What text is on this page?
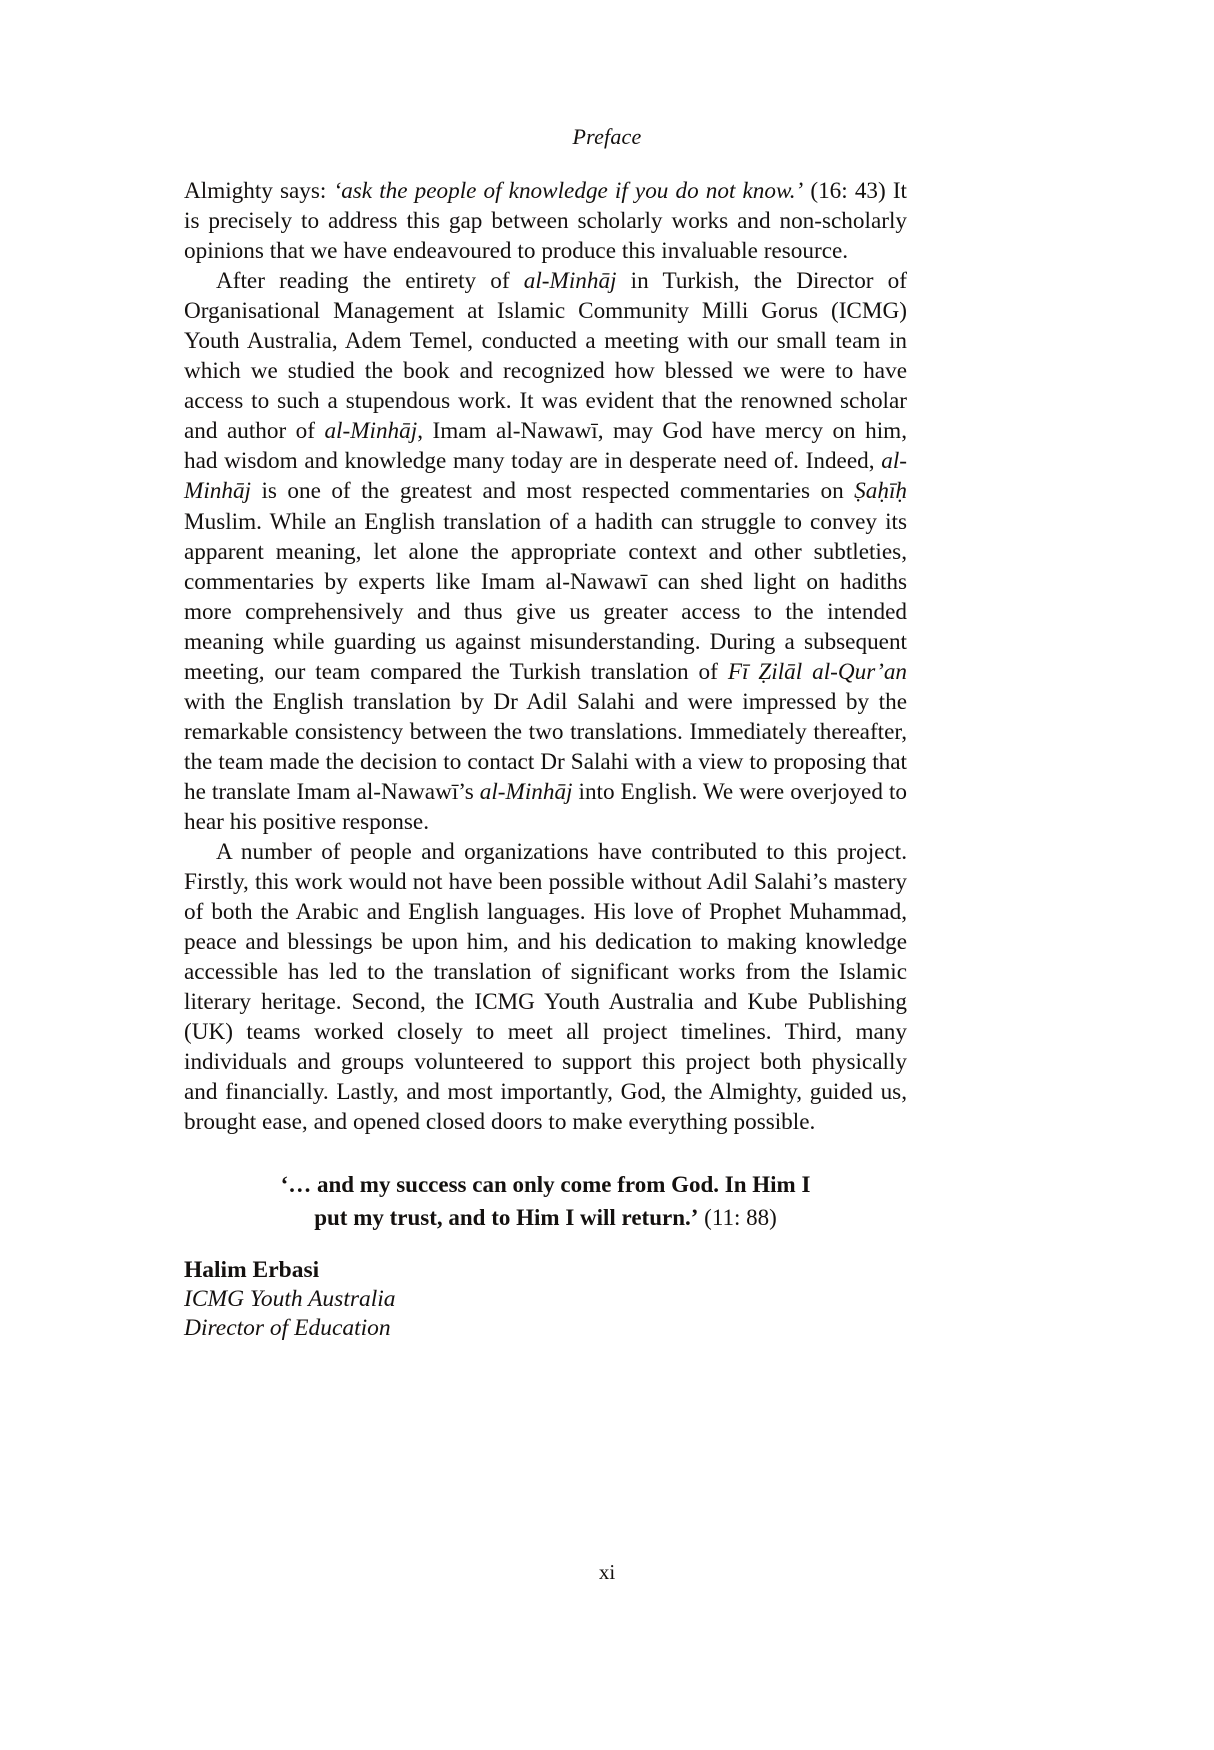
Preface

Almighty says: ‘ask the people of knowledge if you do not know.’ (16: 43) It is precisely to address this gap between scholarly works and non-scholarly opinions that we have endeavoured to produce this invaluable resource.

After reading the entirety of al-Minhāj in Turkish, the Director of Organisational Management at Islamic Community Milli Gorus (ICMG) Youth Australia, Adem Temel, conducted a meeting with our small team in which we studied the book and recognized how blessed we were to have access to such a stupendous work. It was evident that the renowned scholar and author of al-Minhāj, Imam al-Nawawī, may God have mercy on him, had wisdom and knowledge many today are in desperate need of. Indeed, al-Minhāj is one of the greatest and most respected commentaries on Ṣaḥīḥ Muslim. While an English translation of a hadith can struggle to convey its apparent meaning, let alone the appropriate context and other subtleties, commentaries by experts like Imam al-Nawawī can shed light on hadiths more comprehensively and thus give us greater access to the intended meaning while guarding us against misunderstanding. During a subsequent meeting, our team compared the Turkish translation of Fī Ẓilāl al-Qur’an with the English translation by Dr Adil Salahi and were impressed by the remarkable consistency between the two translations. Immediately thereafter, the team made the decision to contact Dr Salahi with a view to proposing that he translate Imam al-Nawawī’s al-Minhāj into English. We were overjoyed to hear his positive response.

A number of people and organizations have contributed to this project. Firstly, this work would not have been possible without Adil Salahi’s mastery of both the Arabic and English languages. His love of Prophet Muhammad, peace and blessings be upon him, and his dedication to making knowledge accessible has led to the translation of significant works from the Islamic literary heritage. Second, the ICMG Youth Australia and Kube Publishing (UK) teams worked closely to meet all project timelines. Third, many individuals and groups volunteered to support this project both physically and financially. Lastly, and most importantly, God, the Almighty, guided us, brought ease, and opened closed doors to make everything possible.

‘… and my success can only come from God. In Him I
put my trust, and to Him I will return.’ (11: 88)

Halim Erbasi
ICMG Youth Australia
Director of Education
xi
